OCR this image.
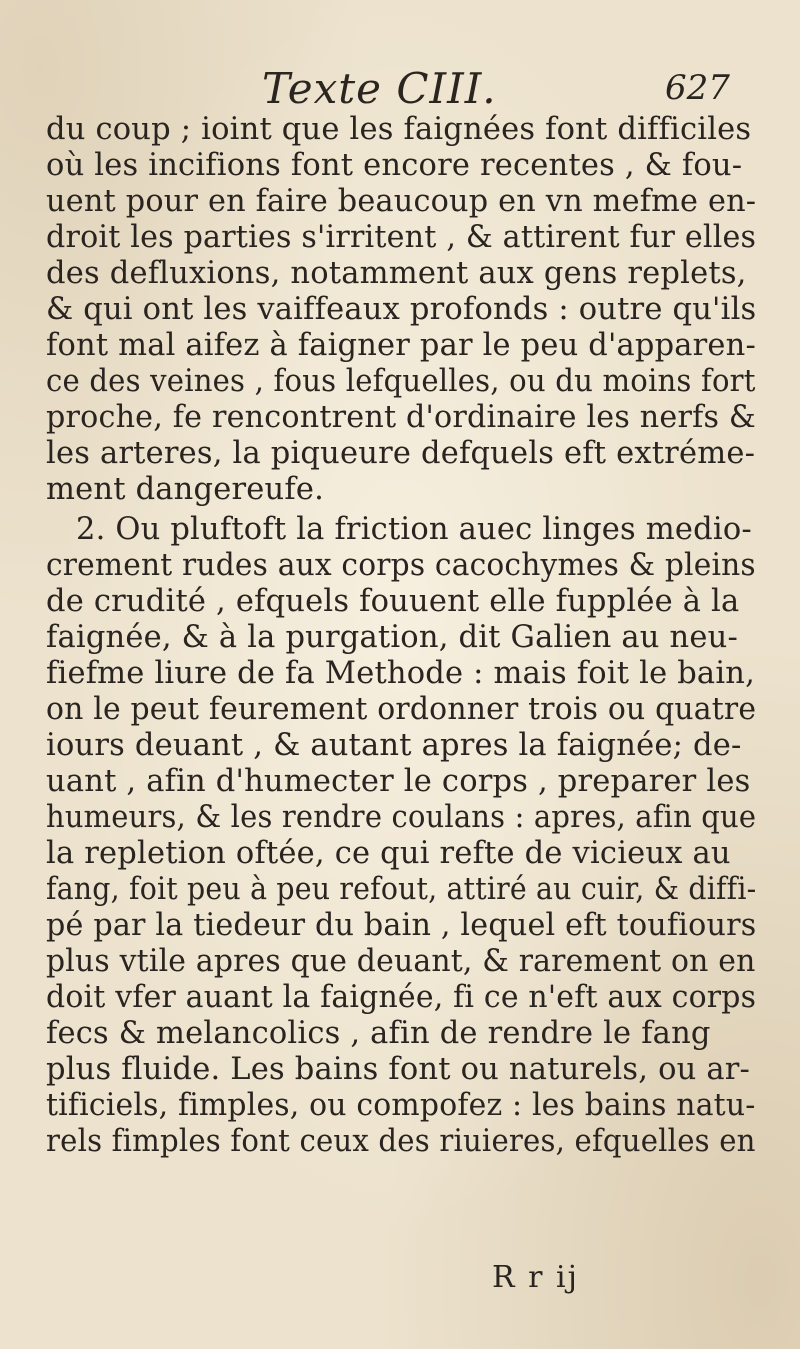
Texte CIII.	627
du coup ; ioint que les faignées font difficiles
où les incifions font encore recentes , & fou-
uent pour en faire beaucoup en vn mefme en-
droit les parties s'irritent , & attirent fur elles
des defluxions, notamment aux gens replets,
& qui ont les vaiffeaux profonds : outre qu'ils
font mal aifez à faigner par le peu d'apparen-
ce des veines , fous lefquelles, ou du moins fort
proche, fe rencontrent d'ordinaire les nerfs &
les arteres, la piqueure defquels eft extréme-
ment dangereufe.
2. Ou pluftoft la friction auec linges medio-
crement rudes aux corps cacochymes & pleins
de crudité , efquels fouuent elle fupplée à la
faignée, & à la purgation, dit Galien au neu-
fiefme liure de fa Methode : mais foit le bain,
on le peut feurement ordonner trois ou quatre
iours deuant , & autant apres la faignée; de-
uant , afin d'humecter le corps , preparer les
humeurs, & les rendre coulans : apres, afin que
la repletion oftée, ce qui refte de vicieux au
fang, foit peu à peu refout, attiré au cuir, & diffi-
pé par la tiedeur du bain , lequel eft toufiours
plus vtile apres que deuant, & rarement on en
doit vfer auant la faignée, fi ce n'eft aux corps
fecs & melancolics , afin de rendre le fang
plus fluide. Les bains font ou naturels, ou ar-
tificiels, fimples, ou compofez : les bains natu-
rels fimples font ceux des riuieres, efquelles en
R r ij
